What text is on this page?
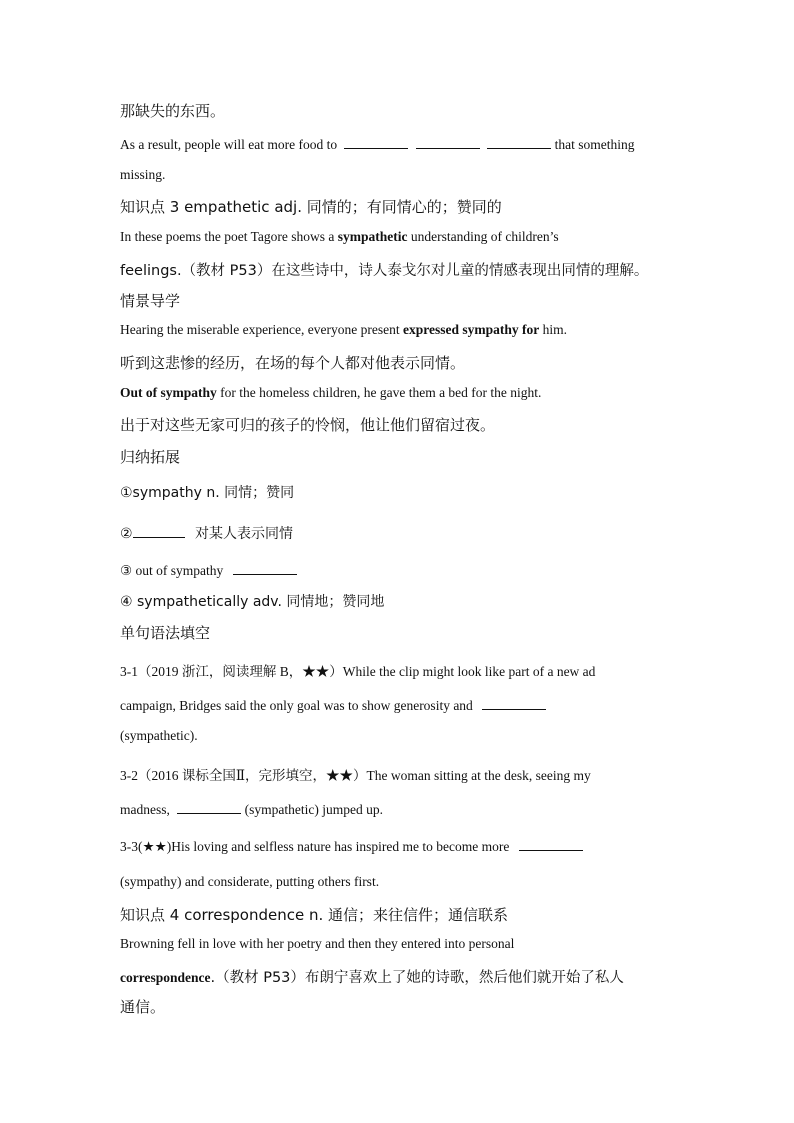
那缺失的东西。
As a result, people will eat more food to	that something
missing.
知识点 3 empathetic adj. 同情的；有同情心的；赞同的
In these poems the poet Tagore shows a sympathetic understanding of children’s
feelings.（教材 P53）在这些诗中，诗人泰戈尔对儿童的情感表现出同情的理解。
情景导学
Hearing the miserable experience, everyone present expressed sympathy for him.
听到这悲惨的经历，在场的每个人都对他表示同情。
Out of sympathy for the homeless children, he gave them a bed for the night.
出于对这些无家可归的孩子的怜悯，他让他们留宿过夜。
归纳拓展
①sympathy n. 同情；赞同
②	对某人表示同情
③ out of sympathy
④ sympathetically adv. 同情地；赞同地
单句语法填空
3-1（2019 浙江，阅读理解 B，★★）While the clip might look like part of a new ad
campaign, Bridges said the only goal was to show generosity and
(sympathetic).
3-2（2016 课标全国Ⅱ，完形填空，★★）The woman sitting at the desk, seeing my
madness,	(sympathetic) jumped up.
3-3(★★)His loving and selfless nature has inspired me to become more
(sympathy) and considerate, putting others first.
知识点 4 correspondence n. 通信；来往信件；通信联系
Browning fell in love with her poetry and then they entered into personal
correspondence.（教材 P53）布朗宁喜欢上了她的诗歌，然后他们就开始了私人
通信。
